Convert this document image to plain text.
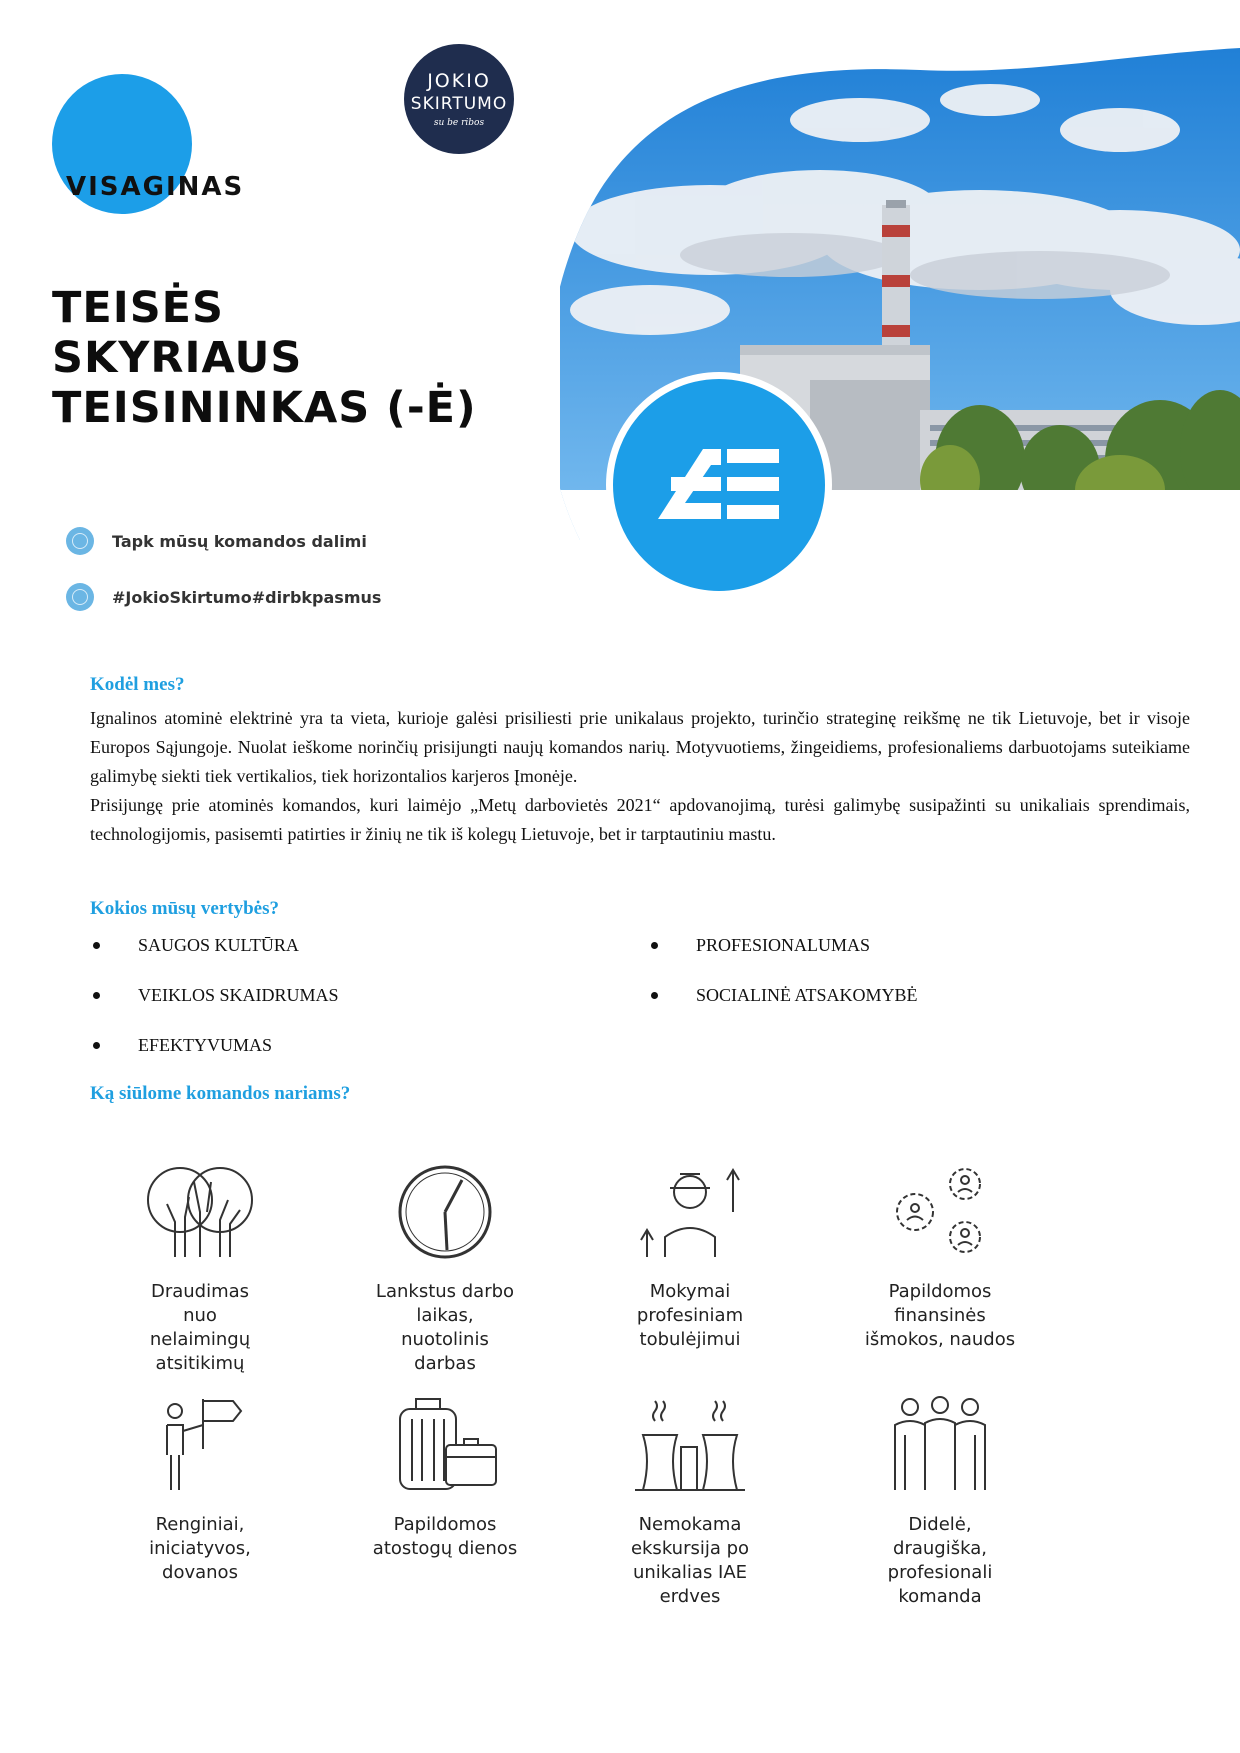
VISAGINAS
JOKIO
SKIRTUMO
su be ribos
TEISĖS
SKYRIAUS
TEISININKAS (-Ė)
Tapk mūsų komandos dalimi
#JokioSkirtumo#dirbkpasmus
Kodėl mes?

Ignalinos atominė elektrinė yra ta vieta, kurioje galėsi prisiliesti prie unikalaus projekto, turinčio strateginę reikšmę ne tik Lietuvoje, bet ir visoje Europos Sąjungoje. Nuolat ieškome norinčių prisijungti naujų komandos narių. Motyvuotiems, žingeidiems, profesionaliems darbuotojams suteikiame galimybę siekti tiek vertikalios, tiek horizontalios karjeros Įmonėje.

Prisijungę prie atominės komandos, kuri laimėjo „Metų darbovietės 2021“ apdovanojimą, turėsi galimybę susipažinti su unikaliais sprendimais, technologijomis, pasisemti patirties ir žinių ne tik iš kolegų Lietuvoje, bet ir tarptautiniu mastu.

Kokios mūsų vertybės?
SAUGOS KULTŪRA	PROFESIONALUMAS
VEIKLOS SKAIDRUMAS	SOCIALINĖ ATSAKOMYBĖ
EFEKTYVUMAS
Ką siūlome komandos nariams?
Draudimas
nuo
nelaimingų
atsitikimų
Lankstus darbo
laikas,
nuotolinis
darbas
Mokymai
profesiniam
tobulėjimui
Papildomos
finansinės
išmokos, naudos
Renginiai,
iniciatyvos,
dovanos
Papildomos
atostogų dienos
Nemokama
ekskursija po
unikalias IAE
erdves
Didelė,
draugiška,
profesionali
komanda
